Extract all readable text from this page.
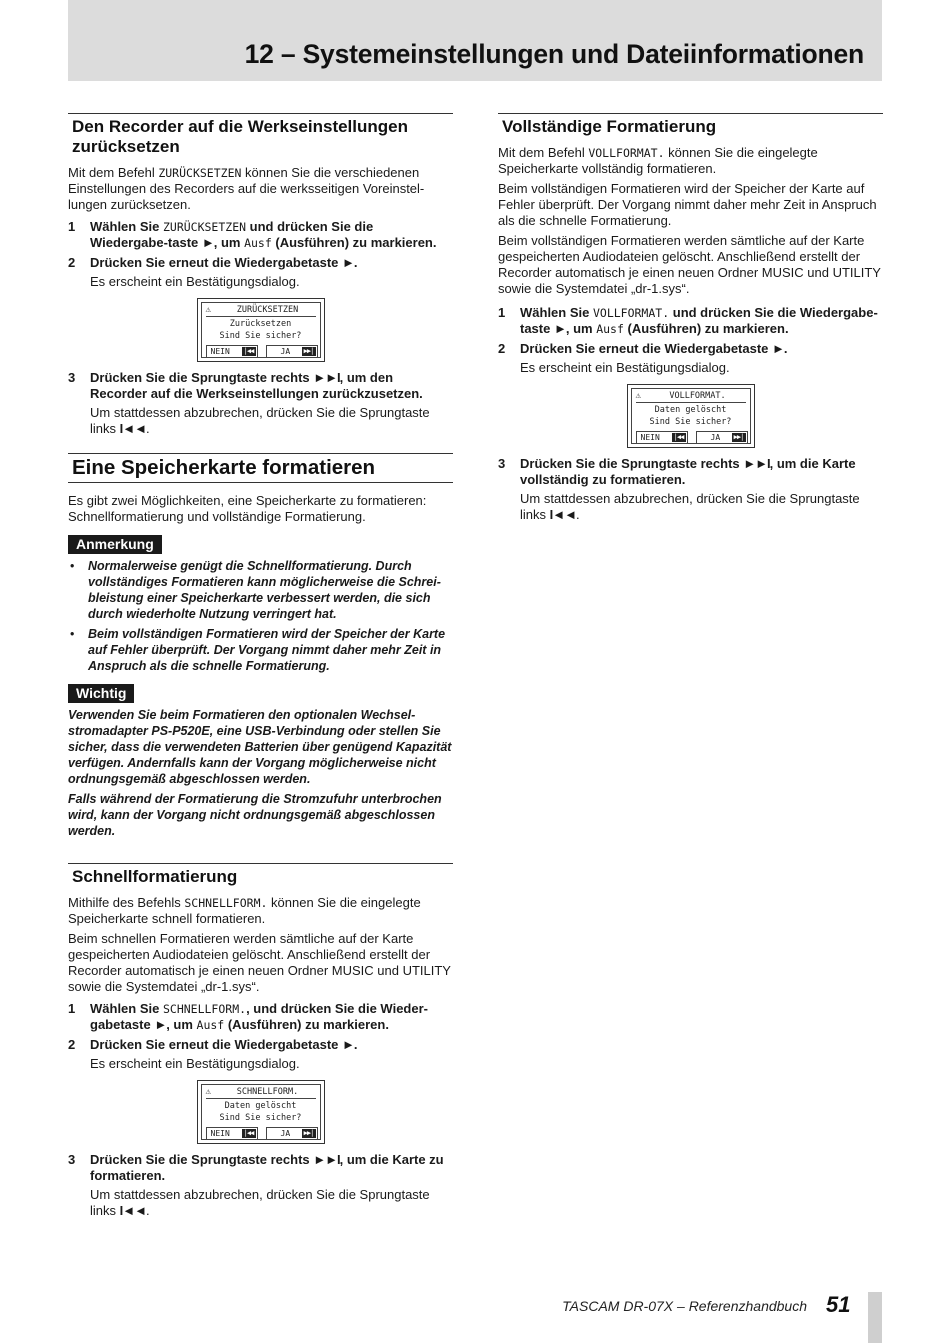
12 – Systemeinstellungen und Dateiinformationen
Den Recorder auf die Werkseinstellungen zurücksetzen

Mit dem Befehl ZURÜCKSETZEN können Sie die verschiedenen Einstellungen des Recorders auf die werksseitigen Voreinstel-lungen zurücksetzen.

1 Wählen Sie ZURÜCKSETZEN und drücken Sie die Wiedergabe-taste ►, um Ausf (Ausführen) zu markieren.
2 Drücken Sie erneut die Wiedergabetaste ►.
Es erscheint ein Bestätigungsdialog.
⚠	ZURÜCKSETZEN
Zurücksetzen
Sind Sie sicher?
NEIN	|◀◀	JA	▶▶|
3 Drücken Sie die Sprungtaste rechts ►►I, um den Recorder auf die Werkseinstellungen zurückzusetzen.
Um stattdessen abzubrechen, drücken Sie die Sprungtaste links I◄◄.
Eine Speicherkarte formatieren

Es gibt zwei Möglichkeiten, eine Speicherkarte zu formatieren: Schnellformatierung und vollständige Formatierung.

Anmerkung
• Normalerweise genügt die Schnellformatierung. Durch vollständiges Formatieren kann möglicherweise die Schrei-bleistung einer Speicherkarte verbessert werden, die sich durch wiederholte Nutzung verringert hat.
• Beim vollständigen Formatieren wird der Speicher der Karte auf Fehler überprüft. Der Vorgang nimmt daher mehr Zeit in Anspruch als die schnelle Formatierung.
Wichtig
Verwenden Sie beim Formatieren den optionalen Wechsel-stromadapter PS-P520E, eine USB-Verbindung oder stellen Sie sicher, dass die verwendeten Batterien über genügend Kapazität verfügen. Andernfalls kann der Vorgang möglicherweise nicht ordnungsgemäß abgeschlossen werden.
Falls während der Formatierung die Stromzufuhr unterbrochen wird, kann der Vorgang nicht ordnungsgemäß abgeschlossen werden.
Schnellformatierung

Mithilfe des Befehls SCHNELLFORM. können Sie die eingelegte Speicherkarte schnell formatieren.

Beim schnellen Formatieren werden sämtliche auf der Karte gespeicherten Audiodateien gelöscht. Anschließend erstellt der Recorder automatisch je einen neuen Ordner MUSIC und UTILITY sowie die Systemdatei „dr-1.sys“.

1 Wählen Sie SCHNELLFORM., und drücken Sie die Wieder-gabetaste ►, um Ausf (Ausführen) zu markieren.
2 Drücken Sie erneut die Wiedergabetaste ►.
Es erscheint ein Bestätigungsdialog.
⚠	SCHNELLFORM.
Daten gelöscht
Sind Sie sicher?
NEIN	|◀◀	JA	▶▶|
3 Drücken Sie die Sprungtaste rechts ►►I, um die Karte zu formatieren.
Um stattdessen abzubrechen, drücken Sie die Sprungtaste links I◄◄.
Vollständige Formatierung

Mit dem Befehl VOLLFORMAT. können Sie die eingelegte Speicherkarte vollständig formatieren.

Beim vollständigen Formatieren wird der Speicher der Karte auf Fehler überprüft. Der Vorgang nimmt daher mehr Zeit in Anspruch als die schnelle Formatierung.

Beim vollständigen Formatieren werden sämtliche auf der Karte gespeicherten Audiodateien gelöscht. Anschließend erstellt der Recorder automatisch je einen neuen Ordner MUSIC und UTILITY sowie die Systemdatei „dr-1.sys“.

1 Wählen Sie VOLLFORMAT. und drücken Sie die Wiedergabe-taste ►, um Ausf (Ausführen) zu markieren.
2 Drücken Sie erneut die Wiedergabetaste ►.
Es erscheint ein Bestätigungsdialog.
⚠	VOLLFORMAT.
Daten gelöscht
Sind Sie sicher?
NEIN	|◀◀	JA	▶▶|
3 Drücken Sie die Sprungtaste rechts ►►I, um die Karte vollständig zu formatieren.
Um stattdessen abzubrechen, drücken Sie die Sprungtaste links I◄◄.
TASCAM DR-07X – Referenzhandbuch 51
